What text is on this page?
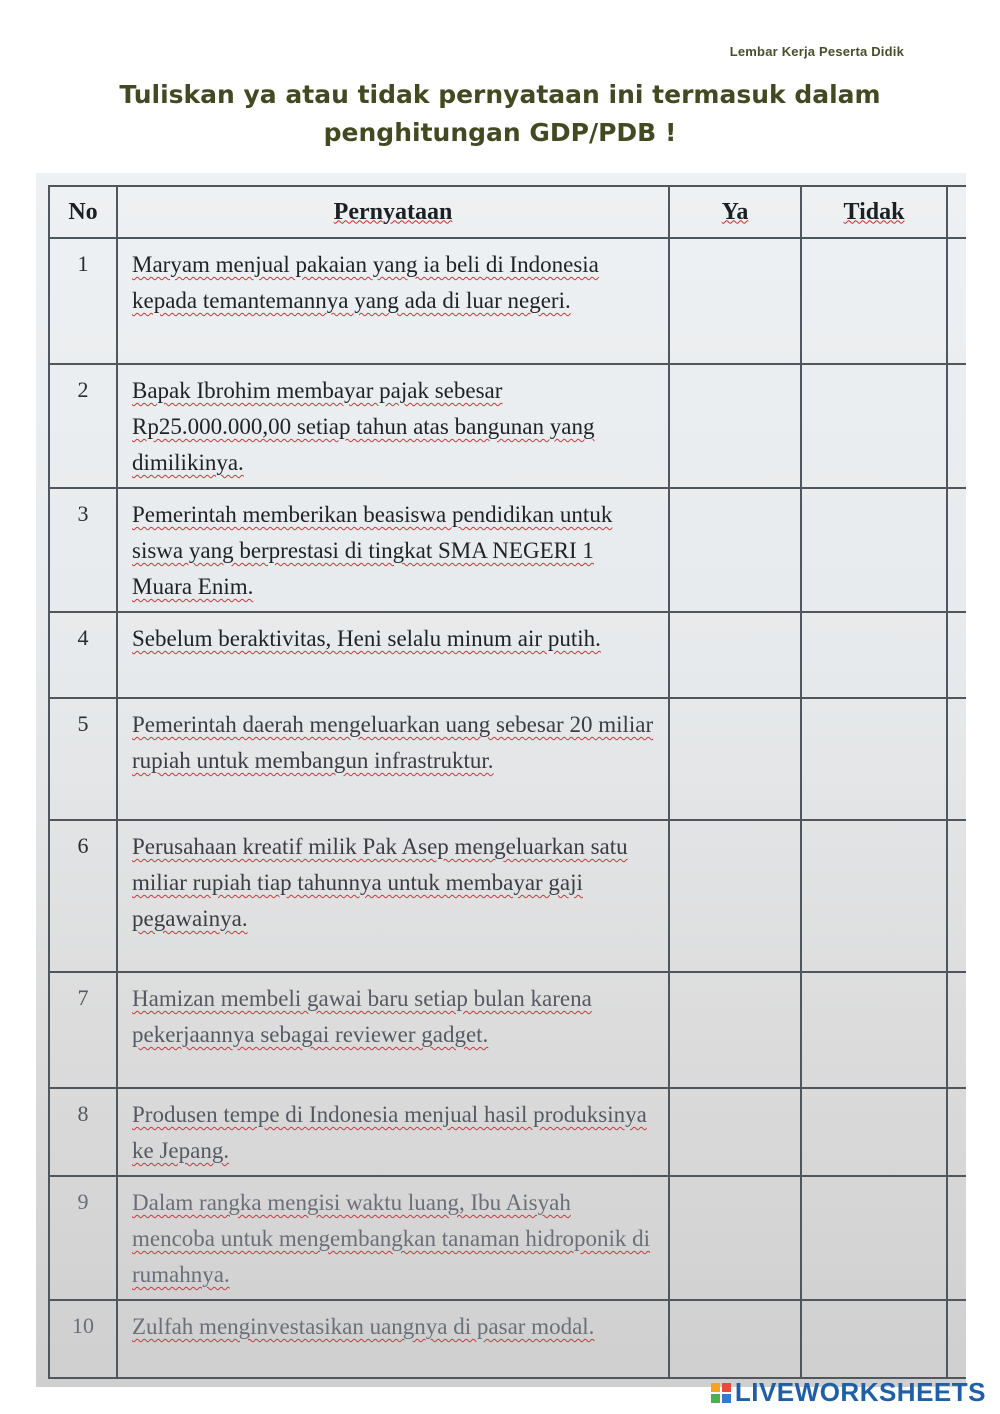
Lembar Kerja Peserta Didik
Tuliskan ya atau tidak pernyataan ini termasuk dalam
penghitungan GDP/PDB !
No	Pernyataan	Ya	Tidak	
1	Maryam menjual pakaian yang ia beli di Indonesia kepada temantemannya yang ada di luar negeri.			
2	Bapak Ibrohim membayar pajak sebesar Rp25.000.000,00 setiap tahun atas bangunan yang dimilikinya.			
3	Pemerintah memberikan beasiswa pendidikan untuk siswa yang berprestasi di tingkat SMA NEGERI 1 Muara Enim.			
4	Sebelum beraktivitas, Heni selalu minum air putih.			
5	Pemerintah daerah mengeluarkan uang sebesar 20 miliar rupiah untuk membangun infrastruktur.			
6	Perusahaan kreatif milik Pak Asep mengeluarkan satu miliar rupiah tiap tahunnya untuk membayar gaji pegawainya.			
7	Hamizan membeli gawai baru setiap bulan karena pekerjaannya sebagai reviewer gadget.			
8	Produsen tempe di Indonesia menjual hasil produksinya ke Jepang.			
9	Dalam rangka mengisi waktu luang, Ibu Aisyah mencoba untuk mengembangkan tanaman hidroponik di rumahnya.			
10	Zulfah menginvestasikan uangnya di pasar modal.			
LIVEWORKSHEETS
